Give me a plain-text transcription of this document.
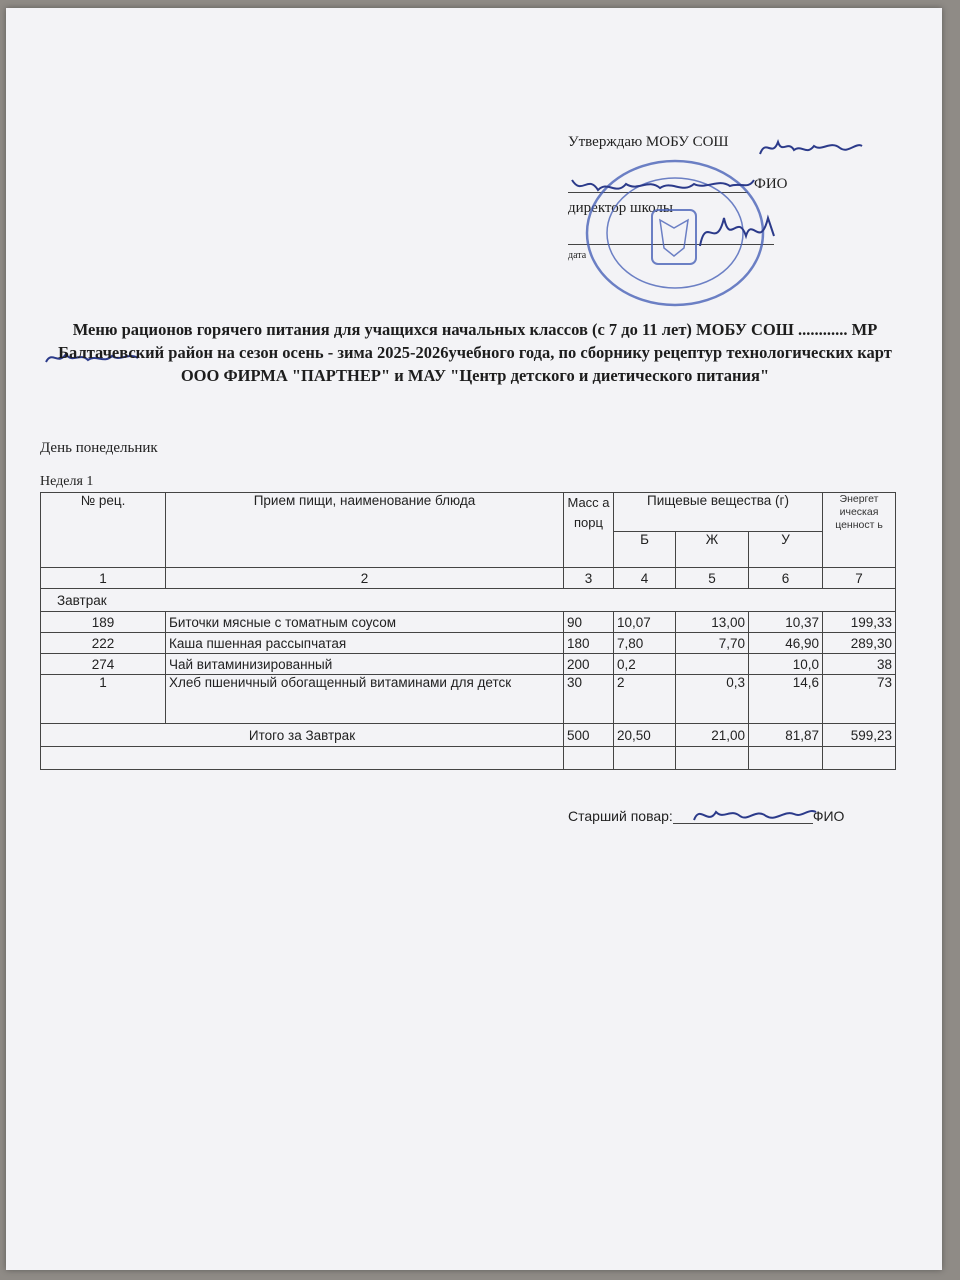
Утверждаю МОБУ СОШ
ФИО
директор школы
дата
Меню рационов горячего питания для учащихся начальных классов (с 7 до 11 лет) МОБУ СОШ ............ МР Балтачевский район на сезон осень - зима 2025-2026учебного года, по сборнику рецептур технологических карт ООО ФИРМА "ПАРТНЕР" и МАУ "Центр детского и диетического питания"
День понедельник
Неделя 1
№ рец.	Прием пищи, наименование блюда	Масс а порц	Пищевые вещества (г)			Энергет ическая ценност ь
			Б	Ж	У	
1	2	3	4	5	6	7
Завтрак						
189	Биточки мясные с томатным соусом	90	10,07	13,00	10,37	199,33
222	Каша пшенная рассыпчатая	180	7,80	7,70	46,90	289,30
274	Чай витаминизированный	200	0,2		10,0	38
1	Хлеб пшеничный обогащенный витаминами для детск	30	2	0,3	14,6	73
Итого за Завтрак		500	20,50	21,00	81,87	599,23

Старший повар:	ФИО
